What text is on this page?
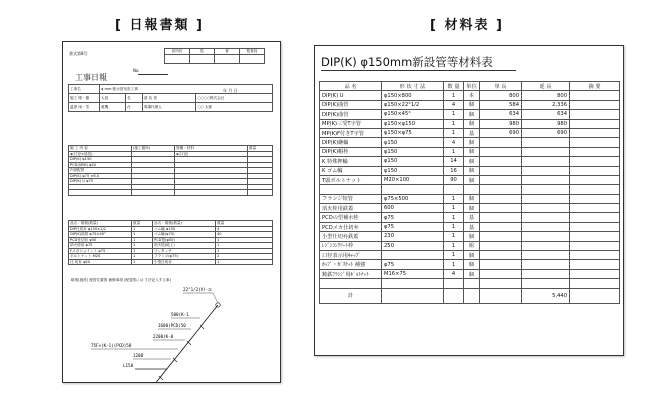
[ 日報書類 ]	[ 材料表 ]
書式第8号	局所長	監	督	監督員

工事日報
No.
年 月 日
工事名	φ mm 配水管布設工事			
施工 晴・曇	人員	名	請 負 者	○○○○株式会社
温度 雨・雪	重機	台	現場代理人	○○ 太郎
施 工 内 容	(施工箇所)	管種・材料	数量
φ(口径×延長)		φ(口径)	
DIP(K) φ150			
PCD(VBH) φ50			
内部配管			
DIP(K) φ75 ×6.0			
DIP(K) U φ75			

品名・規格(数量)	数量	品名・規格(数量)	数量
DIP仕切弁 φ150×1/2	1	ゴム輪 φ150	4
DIP(K)曲管 φ75×45°	1	ゴム輪(φ75)	40
PCD仕切弁 φ50	1	PCD管(φ50)	1
消火栓用 φ75	1	消火栓(地上)	1
Fメガジョイント φ75	1	ワンタッチ	1
ボルトナット M20	1	フランジ(φ75)	2
仕 切弁 φ50	1	小型仕切弁	1
略図(施設) 配管位置図 補修事項 (配管図には 寸法記入する事)
22°1/2(V)-①
500(K-1
1600(PCD)50
2200(K-0
75F×(K-1)(PCD)50
1200
L150
DIP(K) φ150mm新設管等材料表
品 名	形 状 寸 法	数 量	単位	単 長	延 長	摘 要
DIP(K) U	φ150×800	1	本	800	800	
DIP(K)曲管	φ150×22°1/2	4	個	584	2,336	
DIP(K)曲管	φ150×45°	1	個	634	634	
MP(K)三受T字管	φ150×φ150	1	個	980	980	
MP(K)F付きT字管	φ150×φ75	1	基	690	690	
DIP(K)継輪	φ150	4	個			
DIP(K)帽栓	φ150	1	個			
K 特殊押輪	φ150	14	個			
K ゴム輪	φ150	16	個			
T頭ボルトナット	M20×100	90	個			

フランジ短管	φ75×500	1	個			
消火栓用鉄蓋	600	1	個			
PCDの型補水栓	φ75	1	基			
PCDメカ仕切弁	φ75	1	基			
小型仕切弁鉄蓋	230	1	個			
ﾚｼﾞﾝｺﾝｸﾘｰﾄ枠	250	1	組			
口径表示用ｷｬｯﾌﾟ		1	個			
ｶｯﾌﾟ・ｶﾞｽｹｯﾄ 補強	φ75	1	個			
鋳鉄ﾌﾗﾝｼﾞ用ﾎﾞﾙﾄﾅｯﾄ	M16×75	4	個			

計					5,440	
